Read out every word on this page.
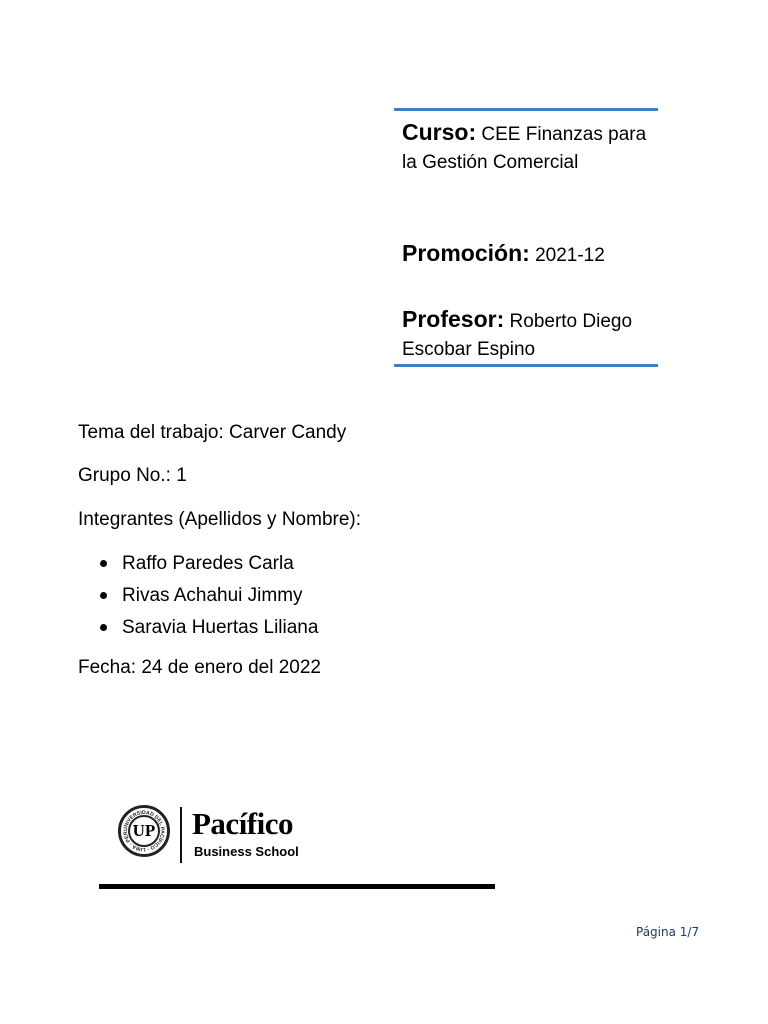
Curso: CEE Finanzas para la Gestión Comercial
Promoción: 2021-12
Profesor: Roberto Diego Escobar Espino
Tema del trabajo: Carver Candy
Grupo No.: 1
Integrantes (Apellidos y Nombre):
Raffo Paredes Carla
Rivas Achahui Jimmy
Saravia Huertas Liliana
Fecha: 24 de enero del 2022
UNIVERSIDAD DEL PACÍFICO · LIMA - PER UP Pacífico
Business School
Página 1/7
